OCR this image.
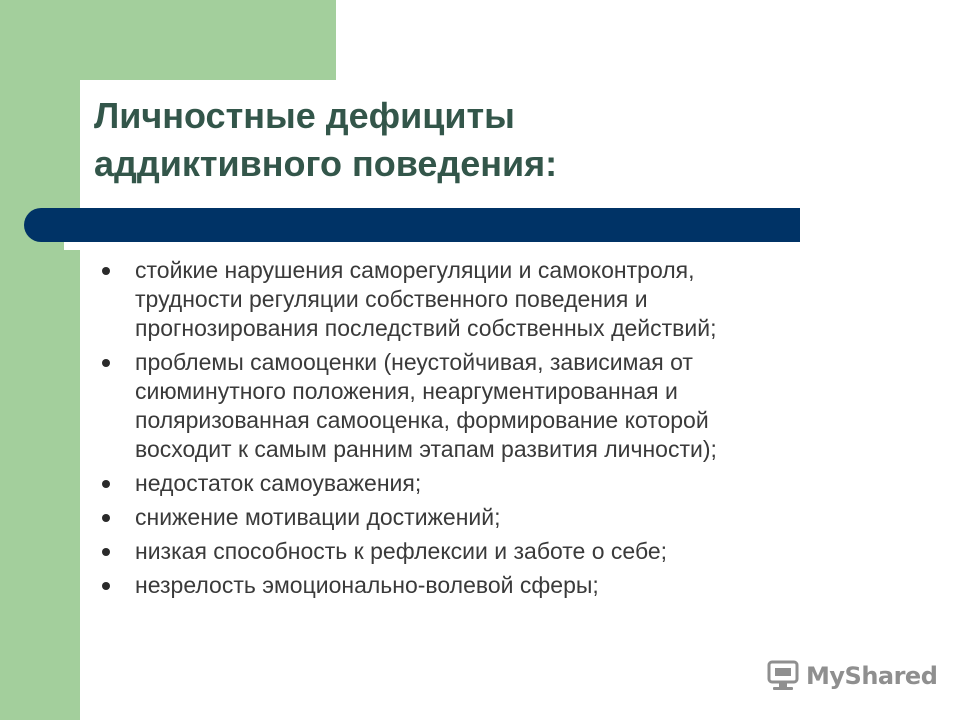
Личностные дефициты
аддиктивного поведения:
стойкие нарушения саморегуляции и самоконтроля,
трудности регуляции собственного поведения и
прогнозирования последствий собственных действий;
проблемы самооценки (неустойчивая, зависимая от
сиюминутного положения, неаргументированная и
поляризованная самооценка, формирование которой
восходит к самым ранним этапам развития личности);
недостаток самоуважения;
снижение мотивации достижений;
низкая способность к рефлексии и заботе о себе;
незрелость эмоционально-волевой сферы;
MyShared
